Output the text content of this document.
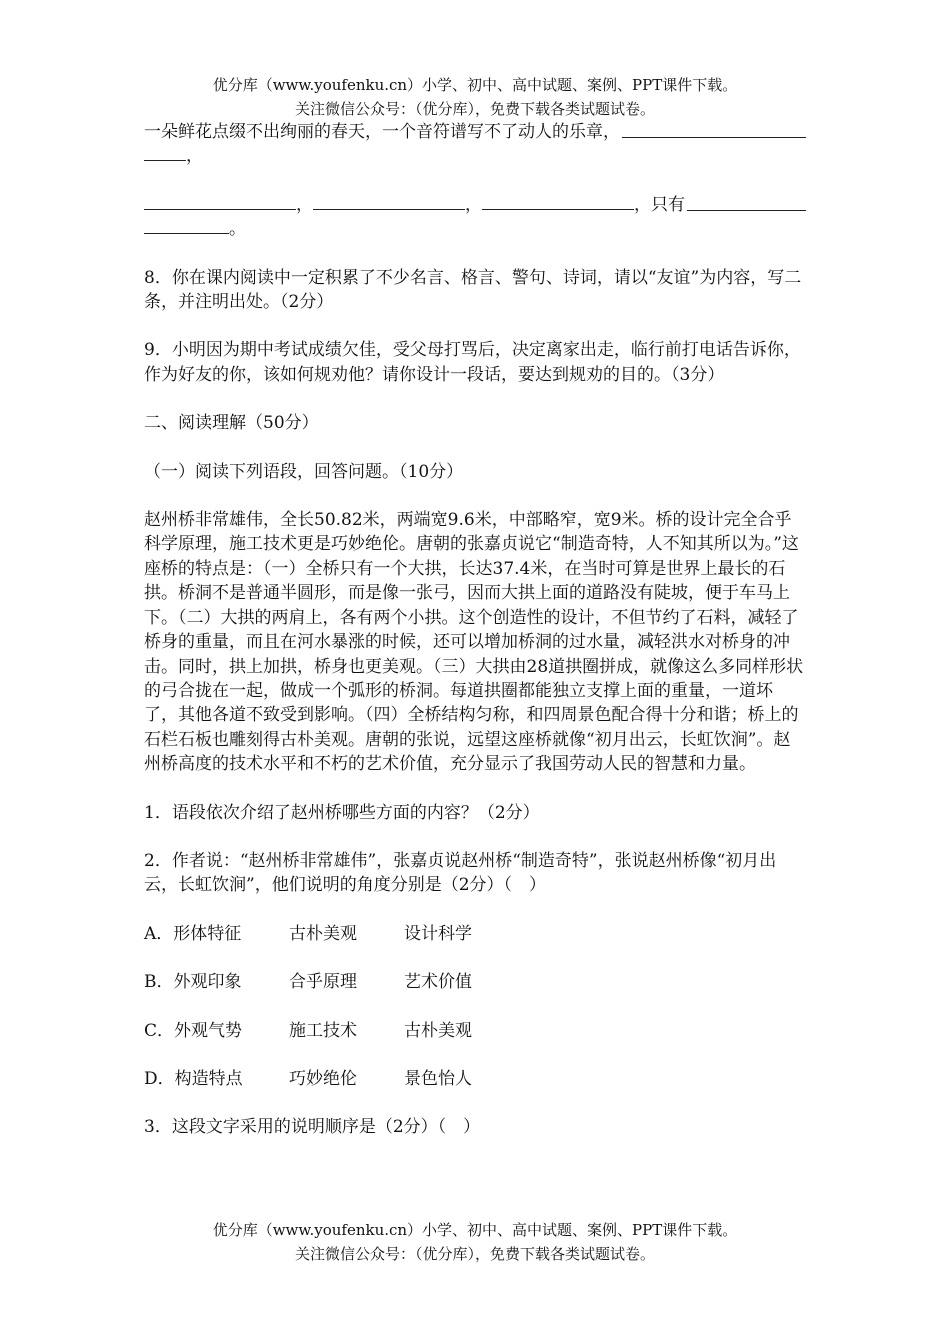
优分库（www.youfenku.cn）小学、初中、高中试题、案例、PPT课件下载。
关注微信公众号：（优分库），免费下载各类试题试卷。
一朵鲜花点缀不出绚丽的春天，一个音符谱写不了动人的乐章，
，
，	，	，只有
。

8．你在课内阅读中一定积累了不少名言、格言、警句、诗词，请以“友谊”为内容，写二条，并注明出处。（2分）

9．小明因为期中考试成绩欠佳，受父母打骂后，决定离家出走，临行前打电话告诉你，作为好友的你，该如何规劝他？请你设计一段话，要达到规劝的目的。（3分）

二、阅读理解（50分）

（一）阅读下列语段，回答问题。（10分）

赵州桥非常雄伟，全长50.82米，两端宽9.6米，中部略窄，宽9米。桥的设计完全合乎科学原理，施工技术更是巧妙绝伦。唐朝的张嘉贞说它“制造奇特，人不知其所以为。”这座桥的特点是：（一）全桥只有一个大拱，长达37.4米，在当时可算是世界上最长的石拱。桥洞不是普通半圆形，而是像一张弓，因而大拱上面的道路没有陡坡，便于车马上下。（二）大拱的两肩上，各有两个小拱。这个创造性的设计，不但节约了石料，减轻了桥身的重量，而且在河水暴涨的时候，还可以增加桥洞的过水量，减轻洪水对桥身的冲击。同时，拱上加拱，桥身也更美观。（三）大拱由28道拱圈拼成，就像这么多同样形状的弓合拢在一起，做成一个弧形的桥洞。每道拱圈都能独立支撑上面的重量，一道坏了，其他各道不致受到影响。（四）全桥结构匀称，和四周景色配合得十分和谐；桥上的石栏石板也雕刻得古朴美观。唐朝的张说，远望这座桥就像“初月出云，长虹饮涧”。赵州桥高度的技术水平和不朽的艺术价值，充分显示了我国劳动人民的智慧和力量。

1．语段依次介绍了赵州桥哪些方面的内容？（2分）

2．作者说：“赵州桥非常雄伟”，张嘉贞说赵州桥“制造奇特”，张说赵州桥像“初月出云，长虹饮涧”，他们说明的角度分别是（2分）（　）

A．形体特征	古朴美观	设计科学
B．外观印象	合乎原理	艺术价值
C．外观气势	施工技术	古朴美观
D．构造特点	巧妙绝伦	景色怡人

3．这段文字采用的说明顺序是（2分）（　）

优分库（www.youfenku.cn）小学、初中、高中试题、案例、PPT课件下载。
关注微信公众号：（优分库），免费下载各类试题试卷。
